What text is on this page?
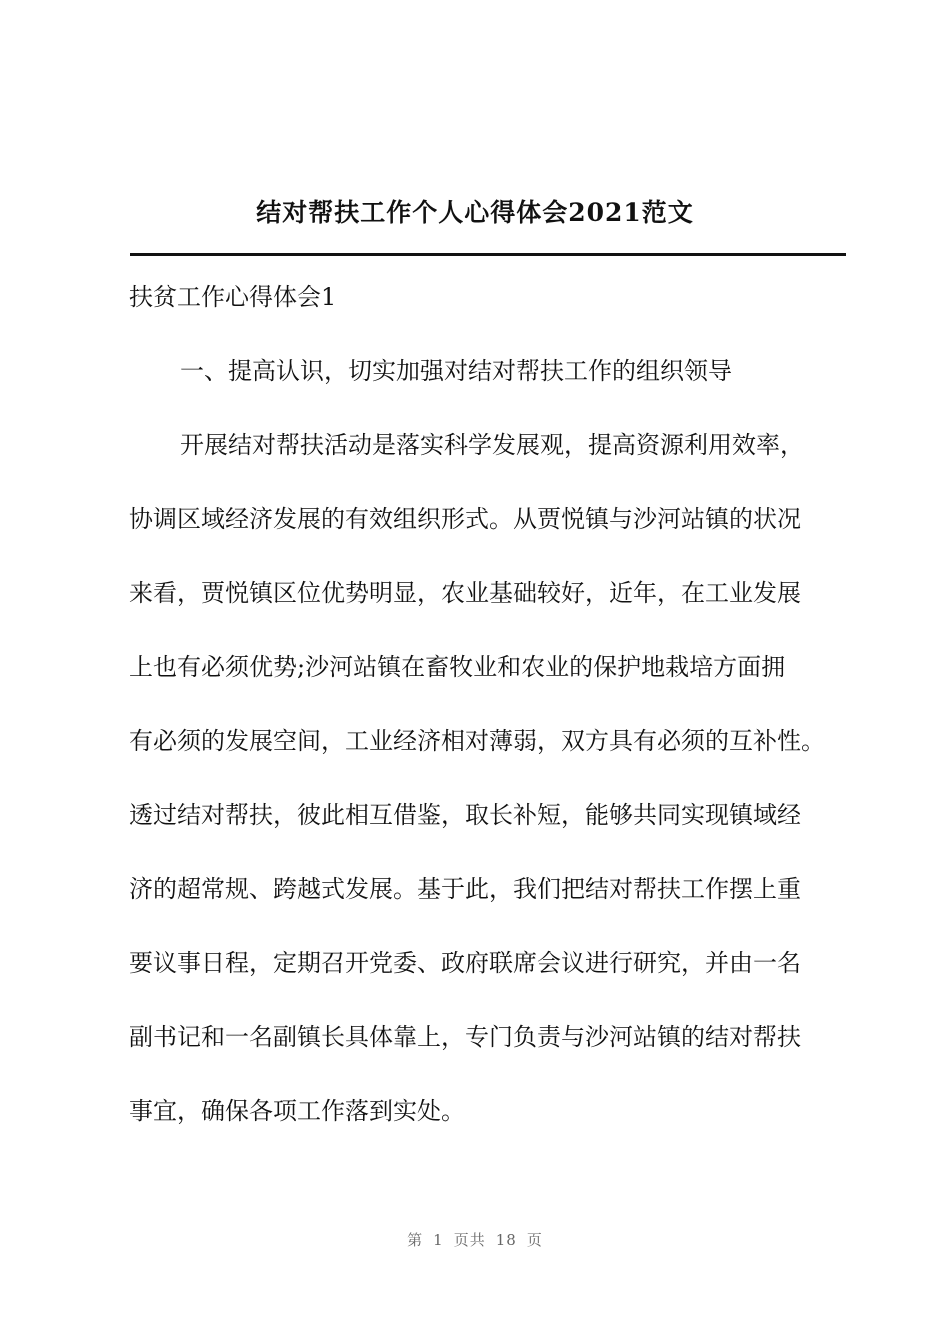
结对帮扶工作个人心得体会2021范文
扶贫工作心得体会1
一、提高认识，切实加强对结对帮扶工作的组织领导
开展结对帮扶活动是落实科学发展观，提高资源利用效率，
协调区域经济发展的有效组织形式。从贾悦镇与沙河站镇的状况
来看，贾悦镇区位优势明显，农业基础较好，近年，在工业发展
上也有必须优势;沙河站镇在畜牧业和农业的保护地栽培方面拥
有必须的发展空间，工业经济相对薄弱，双方具有必须的互补性。
透过结对帮扶，彼此相互借鉴，取长补短，能够共同实现镇域经
济的超常规、跨越式发展。基于此，我们把结对帮扶工作摆上重
要议事日程，定期召开党委、政府联席会议进行研究，并由一名
副书记和一名副镇长具体靠上，专门负责与沙河站镇的结对帮扶
事宜，确保各项工作落到实处。
第 1 页共 18 页
